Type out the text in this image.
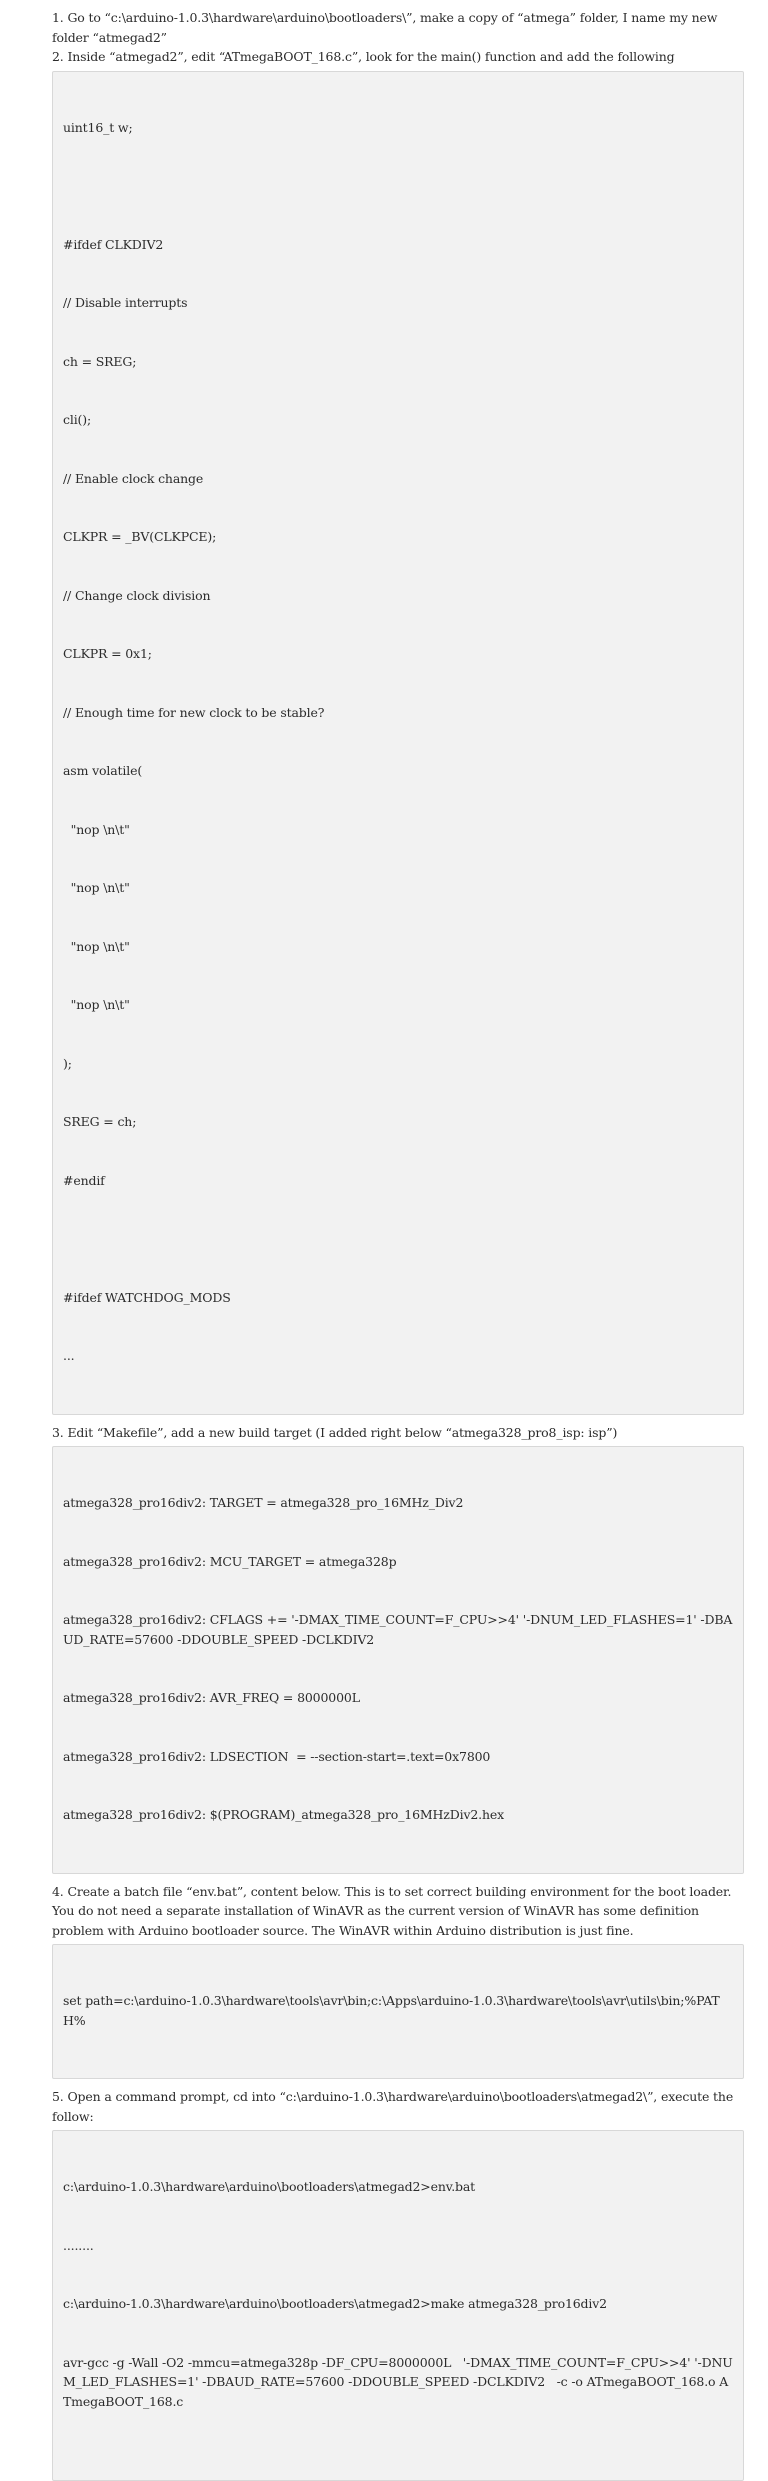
1. Go to “c:\arduino-1.0.3\hardware\arduino\bootloaders\”, make a copy of “atmega” folder, I name my new folder “atmegad2”

2. Inside “atmegad2”, edit “ATmegaBOOT_168.c”, look for the main() function and add the following

uint16_t w;

#ifdef CLKDIV2

// Disable interrupts

ch = SREG;

cli();

// Enable clock change

CLKPR = _BV(CLKPCE);

// Change clock division

CLKPR = 0x1;

// Enough time for new clock to be stable?

asm volatile(

"nop \n\t"

"nop \n\t"

"nop \n\t"

"nop \n\t"

);

SREG = ch;

#endif

#ifdef WATCHDOG_MODS

...

3. Edit “Makefile”, add a new build target (I added right below “atmega328_pro8_isp: isp”)

atmega328_pro16div2: TARGET = atmega328_pro_16MHz_Div2

atmega328_pro16div2: MCU_TARGET = atmega328p

atmega328_pro16div2: CFLAGS += '-DMAX_TIME_COUNT=F_CPU>>4' '-DNUM_LED_FLASHES=1' -DBAUD_RATE=57600 -DDOUBLE_SPEED -DCLKDIV2

atmega328_pro16div2: AVR_FREQ = 8000000L

atmega328_pro16div2: LDSECTION  = --section-start=.text=0x7800

atmega328_pro16div2: $(PROGRAM)_atmega328_pro_16MHzDiv2.hex

4. Create a batch file “env.bat”, content below. This is to set correct building environment for the boot loader. You do not need a separate installation of WinAVR as the current version of WinAVR has some definition problem with Arduino bootloader source. The WinAVR within Arduino distribution is just fine.

set path=c:\arduino-1.0.3\hardware\tools\avr\bin;c:\Apps\arduino-1.0.3\hardware\tools\avr\utils\bin;%PATH%

5. Open a command prompt, cd into “c:\arduino-1.0.3\hardware\arduino\bootloaders\atmegad2\”, execute the follow:

c:\arduino-1.0.3\hardware\arduino\bootloaders\atmegad2>env.bat

........

c:\arduino-1.0.3\hardware\arduino\bootloaders\atmegad2>make atmega328_pro16div2

avr-gcc -g -Wall -O2 -mmcu=atmega328p -DF_CPU=8000000L   '-DMAX_TIME_COUNT=F_CPU>>4' '-DNUM_LED_FLASHES=1' -DBAUD_RATE=57600 -DDOUBLE_SPEED -DCLKDIV2   -c -o ATmegaBOOT_168.o ATmegaBOOT_168.c
